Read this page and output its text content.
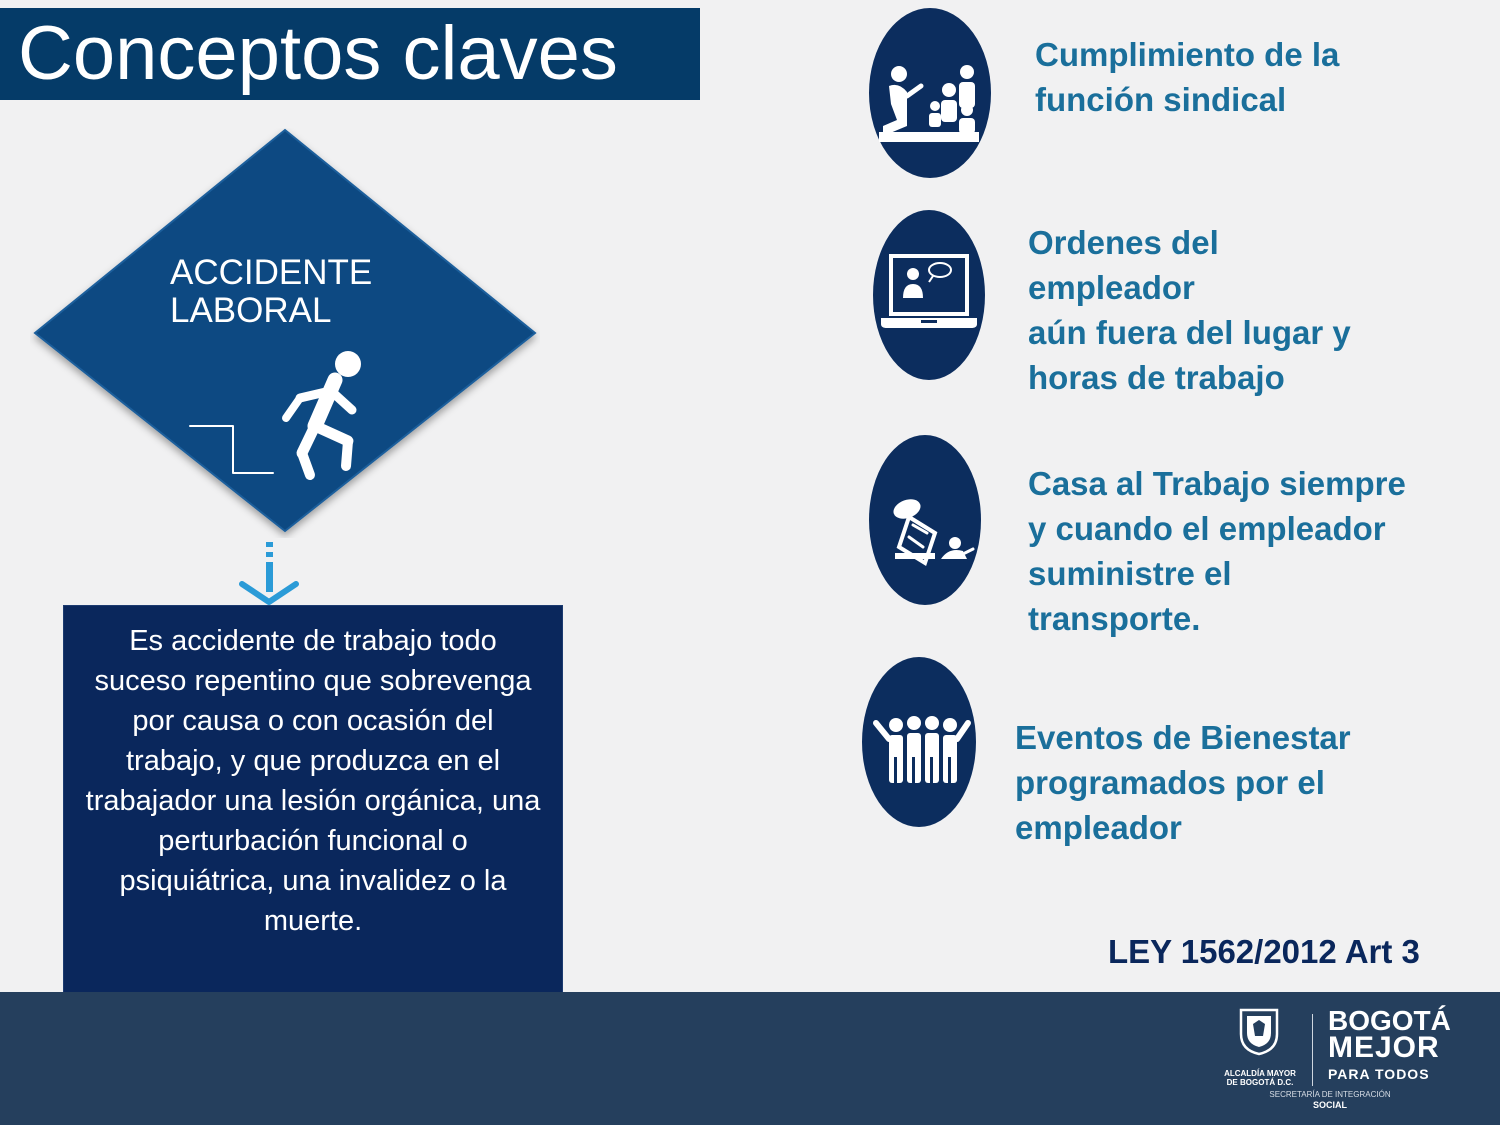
Conceptos claves
ACCIDENTE LABORAL
Es accidente de trabajo todo suceso repentino que sobrevenga por causa o con ocasión del trabajo, y que produzca en el trabajador una lesión orgánica, una perturbación funcional o psiquiátrica, una invalidez o la muerte.
Cumplimiento de la
función sindical
Ordenes del
empleador
aún fuera del lugar y
horas de trabajo
Casa al Trabajo siempre
y cuando el empleador
suministre el
transporte.
Eventos de Bienestar
programados por el
empleador
LEY 1562/2012 Art 3
ALCALDÍA MAYOR
DE BOGOTÁ D.C.
BOGOTÁ
MEJOR
PARA TODOS
SECRETARÍA DE INTEGRACIÓN
SOCIAL
